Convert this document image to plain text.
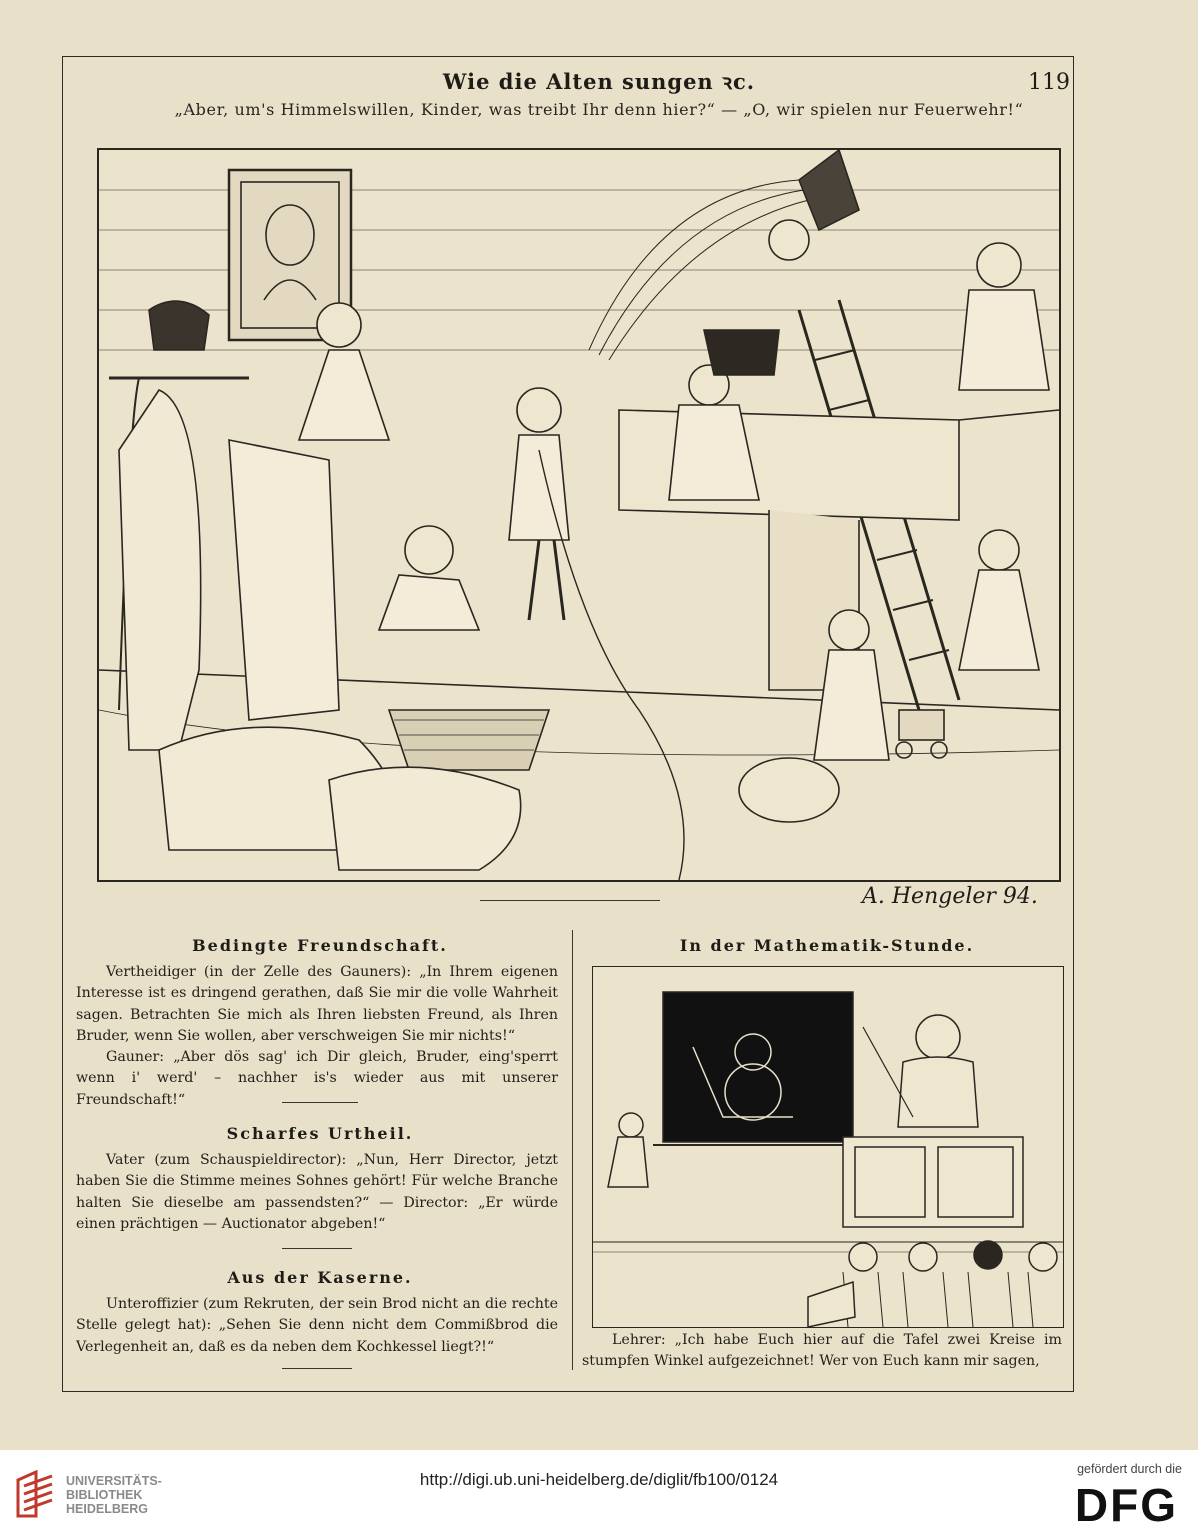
Wie die Alten sungen ꝛc.	119
„Aber, um's Himmelswillen, Kinder, was treibt Ihr denn hier?“ — „O, wir spielen nur Feuerwehr!“
A. Hengeler 94.
Bedingte Freundschaft.

Vertheidiger (in der Zelle des Gauners): „In Ihrem eigenen Interesse ist es dringend gerathen, daß Sie mir die volle Wahrheit sagen. Betrachten Sie mich als Ihren liebsten Freund, als Ihren Bruder, wenn Sie wollen, aber verschweigen Sie mir nichts!“

Gauner: „Aber dös sag' ich Dir gleich, Bruder, eing'sperrt wenn i' werd' – nachher is's wieder aus mit unserer Freundschaft!“

Scharfes Urtheil.

Vater (zum Schauspieldirector): „Nun, Herr Director, jetzt haben Sie die Stimme meines Sohnes gehört! Für welche Branche halten Sie dieselbe am passendsten?“ — Director: „Er würde einen prächtigen — Auctionator abgeben!“

Aus der Kaserne.

Unteroffizier (zum Rekruten, der sein Brod nicht an die rechte Stelle gelegt hat): „Sehen Sie denn nicht dem Commißbrod die Verlegenheit an, daß es da neben dem Kochkessel liegt?!“

In der Mathematik-Stunde.

Lehrer: „Ich habe Euch hier auf die Tafel zwei Kreise im stumpfen Winkel aufgezeichnet! Wer von Euch kann mir sagen,

UNIVERSITÄTS-
BIBLIOTHEK
HEIDELBERG
http://digi.ub.uni-heidelberg.de/diglit/fb100/0124
gefördert durch die
DFG
